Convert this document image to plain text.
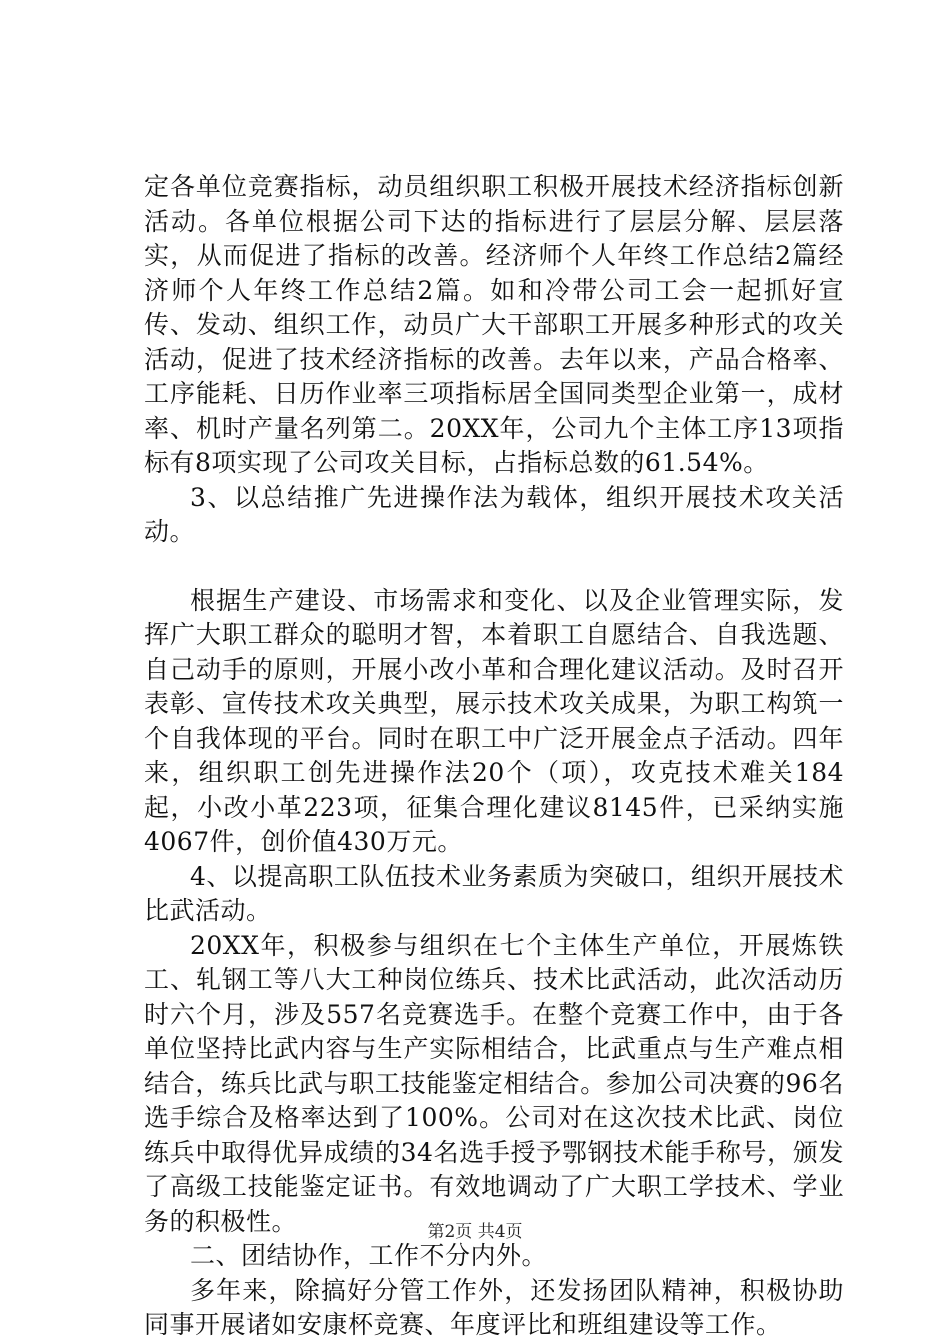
定各单位竞赛指标，动员组织职工积极开展技术经济指标创新活动。各单位根据公司下达的指标进行了层层分解、层层落实，从而促进了指标的改善。经济师个人年终工作总结2篇经济师个人年终工作总结2篇。如和冷带公司工会一起抓好宣传、发动、组织工作，动员广大干部职工开展多种形式的攻关活动，促进了技术经济指标的改善。去年以来，产品合格率、工序能耗、日历作业率三项指标居全国同类型企业第一，成材率、机时产量名列第二。20XX年，公司九个主体工序13项指标有8项实现了公司攻关目标，占指标总数的61.54%。

3、以总结推广先进操作法为载体，组织开展技术攻关活动。

根据生产建设、市场需求和变化、以及企业管理实际，发挥广大职工群众的聪明才智，本着职工自愿结合、自我选题、自己动手的原则，开展小改小革和合理化建议活动。及时召开表彰、宣传技术攻关典型，展示技术攻关成果，为职工构筑一个自我体现的平台。同时在职工中广泛开展金点子活动。四年来，组织职工创先进操作法20个（项），攻克技术难关184起，小改小革223项，征集合理化建议8145件，已采纳实施4067件，创价值430万元。

4、以提高职工队伍技术业务素质为突破口，组织开展技术比武活动。

20XX年，积极参与组织在七个主体生产单位，开展炼铁工、轧钢工等八大工种岗位练兵、技术比武活动，此次活动历时六个月，涉及557名竞赛选手。在整个竞赛工作中，由于各单位坚持比武内容与生产实际相结合，比武重点与生产难点相结合，练兵比武与职工技能鉴定相结合。参加公司决赛的96名选手综合及格率达到了100%。公司对在这次技术比武、岗位练兵中取得优异成绩的34名选手授予鄂钢技术能手称号，颁发了高级工技能鉴定证书。有效地调动了广大职工学技术、学业务的积极性。

二、团结协作，工作不分内外。

多年来，除搞好分管工作外，还发扬团队精神，积极协助同事开展诸如安康杯竞赛、年度评比和班组建设等工作。

第2页 共4页
